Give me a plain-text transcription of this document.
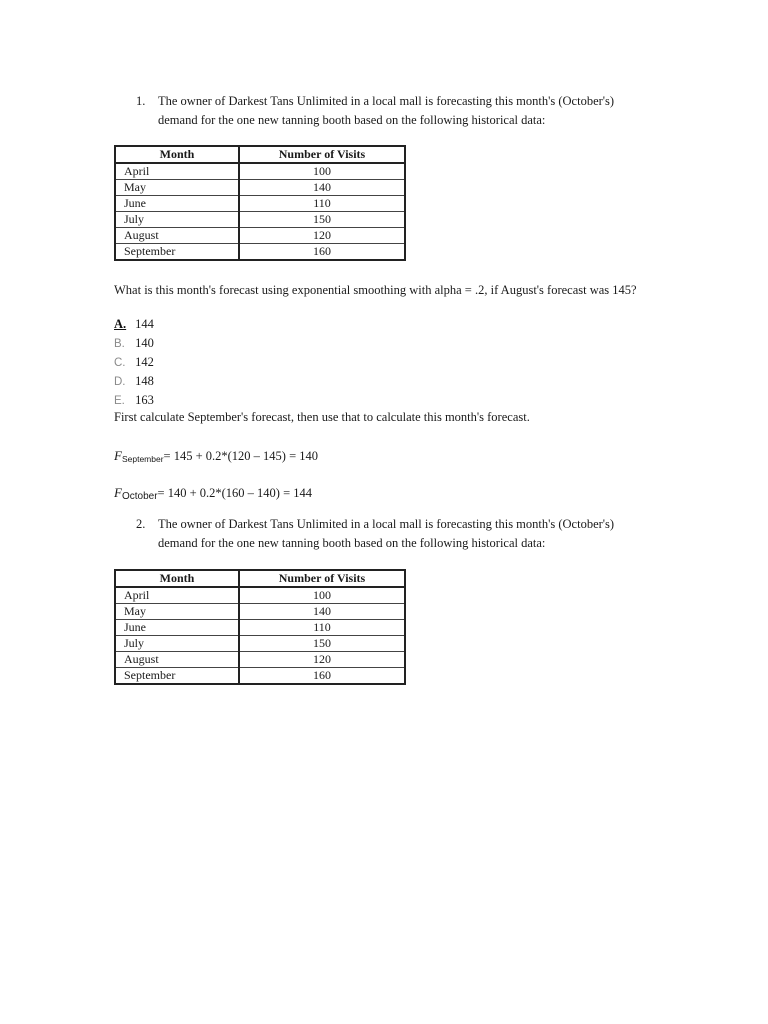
1. The owner of Darkest Tans Unlimited in a local mall is forecasting this month's (October's)
demand for the one new tanning booth based on the following historical data:
Month	Number of Visits
April	100
May	140
June	110
July	150
August	120
September	160
What is this month's forecast using exponential smoothing with alpha = .2, if August's forecast was 145?
A. 144
B. 140
C. 142
D. 148
E. 163
First calculate September's forecast, then use that to calculate this month's forecast.
FSeptember= 145 + 0.2*(120 – 145) = 140
FOctober= 140 + 0.2*(160 – 140) = 144
2. The owner of Darkest Tans Unlimited in a local mall is forecasting this month's (October's)
demand for the one new tanning booth based on the following historical data:
Month	Number of Visits
April	100
May	140
June	110
July	150
August	120
September	160
